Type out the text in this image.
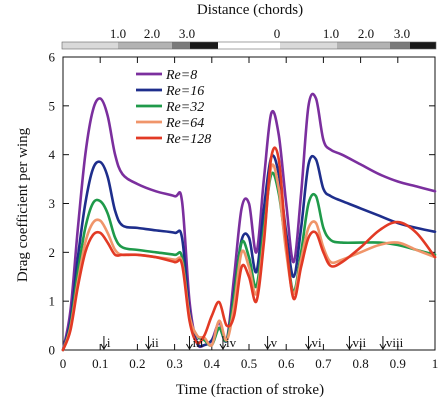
Distance (chords)
1.0 2.0 3.0	0	1.0 2.0 3.0
0 0.1 0.2 0.3 0.4 0.5 0.6 0.7 0.8 0.9 1
0
1
2
3
4
5
6
i	ii	iii iv	v	vi vii viii
Re=8
Re=16
Re=32
Re=64
Re=128
Time (fraction of stroke)
Drag coefficient per wing
